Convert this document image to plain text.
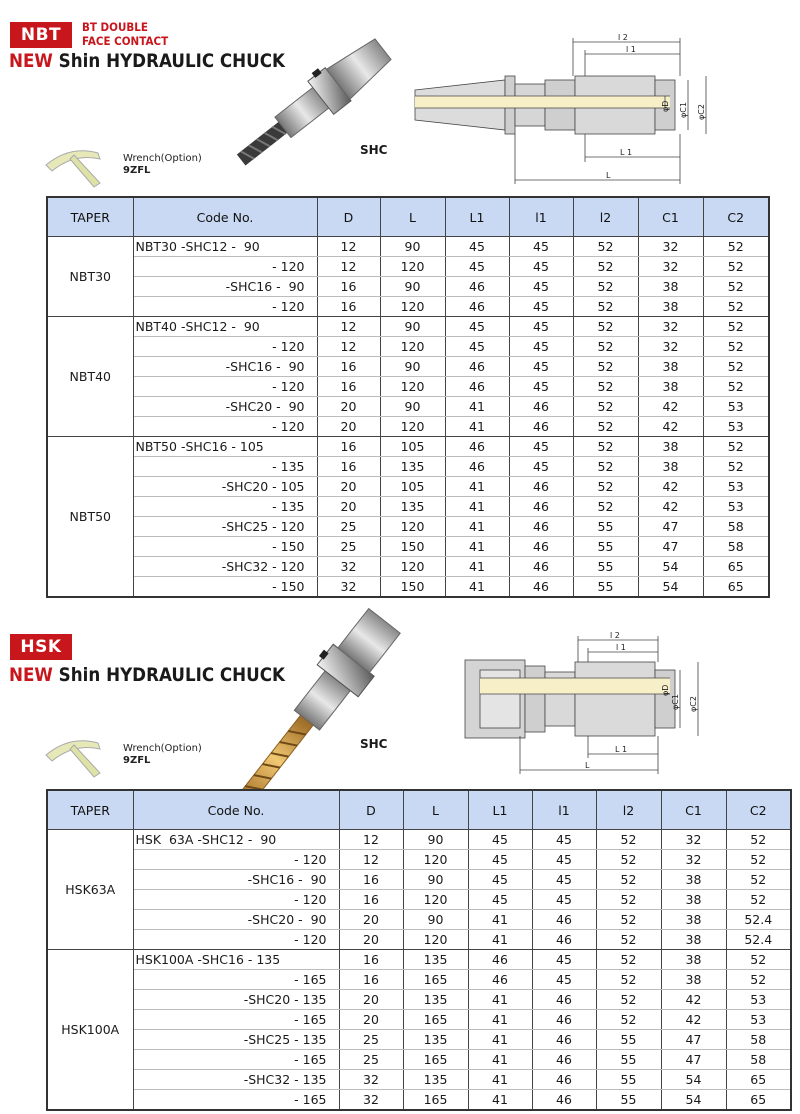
NBT	BT DOUBLE
FACE CONTACT
NEW Shin HYDRAULIC CHUCK
Wrench(Option)
9ZFL
SHC
l 2
l 1
L 1
L
φD φC1 φC2
TAPER	Code No.	D	L	L1	l1	l2	C1	C2
NBT30	NBT30 -SHC12 -  90	12	90	45	45	52	32	52
	- 120	12	120	45	45	52	32	52
	-SHC16 -  90	16	90	46	45	52	38	52
	- 120	16	120	46	45	52	38	52
NBT40	NBT40 -SHC12 -  90	12	90	45	45	52	32	52
	- 120	12	120	45	45	52	32	52
	-SHC16 -  90	16	90	46	45	52	38	52
	- 120	16	120	46	45	52	38	52
	-SHC20 -  90	20	90	41	46	52	42	53
	- 120	20	120	41	46	52	42	53
NBT50	NBT50 -SHC16 - 105	16	105	46	45	52	38	52
	- 135	16	135	46	45	52	38	52
	-SHC20 - 105	20	105	41	46	52	42	53
	- 135	20	135	41	46	52	42	53
	-SHC25 - 120	25	120	41	46	55	47	58
	- 150	25	150	41	46	55	47	58
	-SHC32 - 120	32	120	41	46	55	54	65
	- 150	32	150	41	46	55	54	65
HSK
NEW Shin HYDRAULIC CHUCK
Wrench(Option)
9ZFL
SHC
l 2
l 1
L 1
L
φD
φC1 φC2
TAPER	Code No.	D	L	L1	l1	l2	C1	C2
HSK63A	HSK  63A -SHC12 -  90	12	90	45	45	52	32	52
	- 120	12	120	45	45	52	32	52
	-SHC16 -  90	16	90	45	45	52	38	52
	- 120	16	120	45	45	52	38	52
	-SHC20 -  90	20	90	41	46	52	38	52.4
	- 120	20	120	41	46	52	38	52.4
HSK100A	HSK100A -SHC16 - 135	16	135	46	45	52	38	52
	- 165	16	165	46	45	52	38	52
	-SHC20 - 135	20	135	41	46	52	42	53
	- 165	20	165	41	46	52	42	53
	-SHC25 - 135	25	135	41	46	55	47	58
	- 165	25	165	41	46	55	47	58
	-SHC32 - 135	32	135	41	46	55	54	65
	- 165	32	165	41	46	55	54	65
